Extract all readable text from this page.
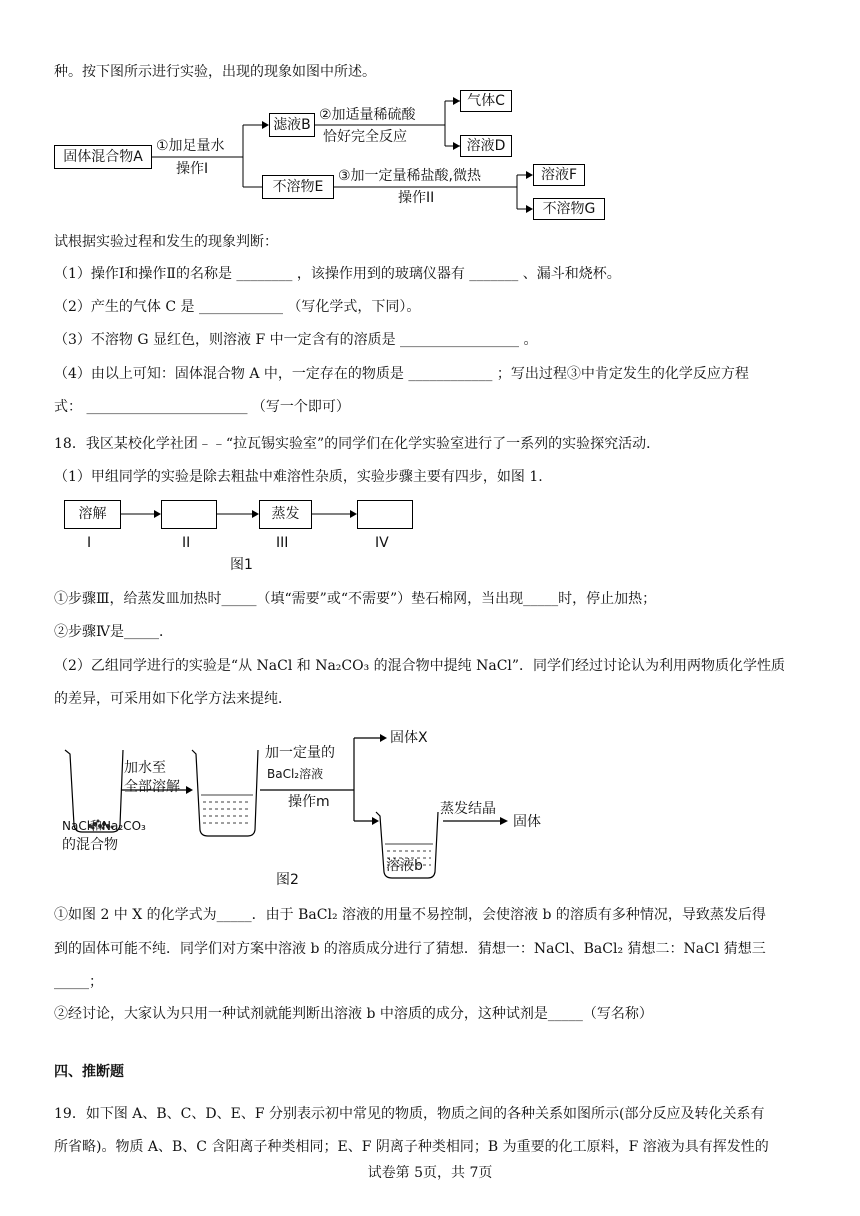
种。按下图所示进行实验，出现的现象如图中所述。
固体混合物A
①加足量水
操作I
滤液B
②加适量稀硫酸
恰好完全反应
气体C
溶液D
不溶物E
③加一定量稀盐酸,微热
操作II
溶液F
不溶物G
试根据实验过程和发生的现象判断：
（1）操作Ⅰ和操作Ⅱ的名称是 ________ ，该操作用到的玻璃仪器有 _______ 、漏斗和烧杯。
（2）产生的气体 C 是 ____________ （写化学式，下同）。
（3）不溶物 G 显红色，则溶液 F 中一定含有的溶质是 _________________ 。
（4）由以上可知：固体混合物 A 中，一定存在的物质是 ____________ ；写出过程③中肯定发生的化学反应方程
式： _______________________ （写一个即可）
18．我区某校化学社团﹣﹣“拉瓦锡实验室”的同学们在化学实验室进行了一系列的实验探究活动．
（1）甲组同学的实验是除去粗盐中难溶性杂质，实验步骤主要有四步，如图 1.
溶解	蒸发
I	II	III	IV
图1
①步骤Ⅲ，给蒸发皿加热时_____（填“需要”或“不需要”）垫石棉网，当出现_____时，停止加热；
②步骤Ⅳ是_____．
（2）乙组同学进行的实验是“从 NaCl 和 Na₂CO₃ 的混合物中提纯 NaCl”．同学们经过讨论认为利用两物质化学性质
的差异，可采用如下化学方法来提纯．
加水至
全部溶解
加一定量的
BaCl₂溶液
操作m
固体X
蒸发结晶
固体
NaCl和Na₂CO₃
的混合物
溶液b
图2
①如图 2 中 X 的化学式为_____．由于 BaCl₂ 溶液的用量不易控制，会使溶液 b 的溶质有多种情况，导致蒸发后得
到的固体可能不纯．同学们对方案中溶液 b 的溶质成分进行了猜想．猜想一：NaCl、BaCl₂ 猜想二：NaCl 猜想三
_____；
②经讨论，大家认为只用一种试剂就能判断出溶液 b 中溶质的成分，这种试剂是_____（写名称）
四、推断题
19．如下图 A、B、C、D、E、F 分别表示初中常见的物质，物质之间的各种关系如图所示(部分反应及转化关系有
所省略)。物质 A、B、C 含阳离子种类相同；E、F 阴离子种类相同；B 为重要的化工原料，F 溶液为具有挥发性的
试卷第 5页，共 7页
